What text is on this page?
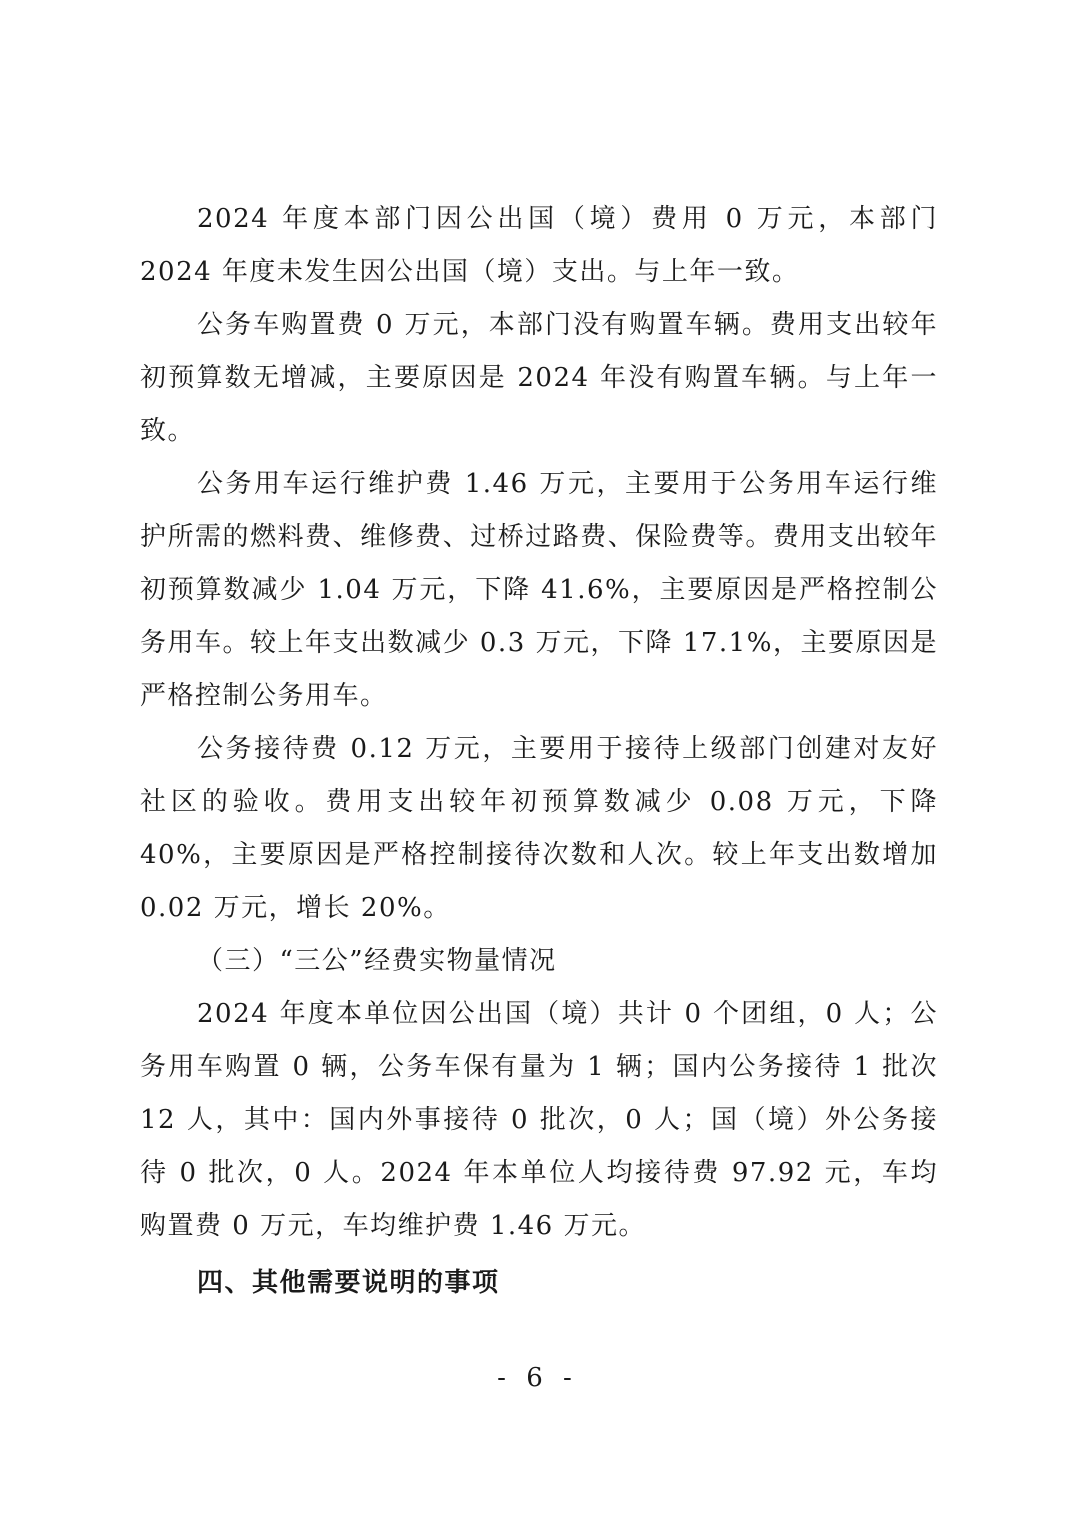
2024 年度本部门因公出国（境）费用 0 万元，本部门 2024 年度未发生因公出国（境）支出。与上年一致。

公务车购置费 0 万元，本部门没有购置车辆。费用支出较年初预算数无增减，主要原因是 2024 年没有购置车辆。与上年一致。

公务用车运行维护费 1.46 万元，主要用于公务用车运行维护所需的燃料费、维修费、过桥过路费、保险费等。费用支出较年初预算数减少 1.04 万元，下降 41.6%，主要原因是严格控制公务用车。较上年支出数减少 0.3 万元，下降 17.1%，主要原因是严格控制公务用车。

公务接待费 0.12 万元，主要用于接待上级部门创建对友好社区的验收。费用支出较年初预算数减少 0.08 万元，下降 40%，主要原因是严格控制接待次数和人次。较上年支出数增加 0.02 万元，增长 20%。

（三）“三公”经费实物量情况

2024 年度本单位因公出国（境）共计 0 个团组，0 人；公务用车购置 0 辆，公务车保有量为 1 辆；国内公务接待 1 批次 12 人，其中：国内外事接待 0 批次，0 人；国（境）外公务接待 0 批次，0 人。2024 年本单位人均接待费 97.92 元，车均购置费 0 万元，车均维护费 1.46 万元。

四、其他需要说明的事项

- 6 -
